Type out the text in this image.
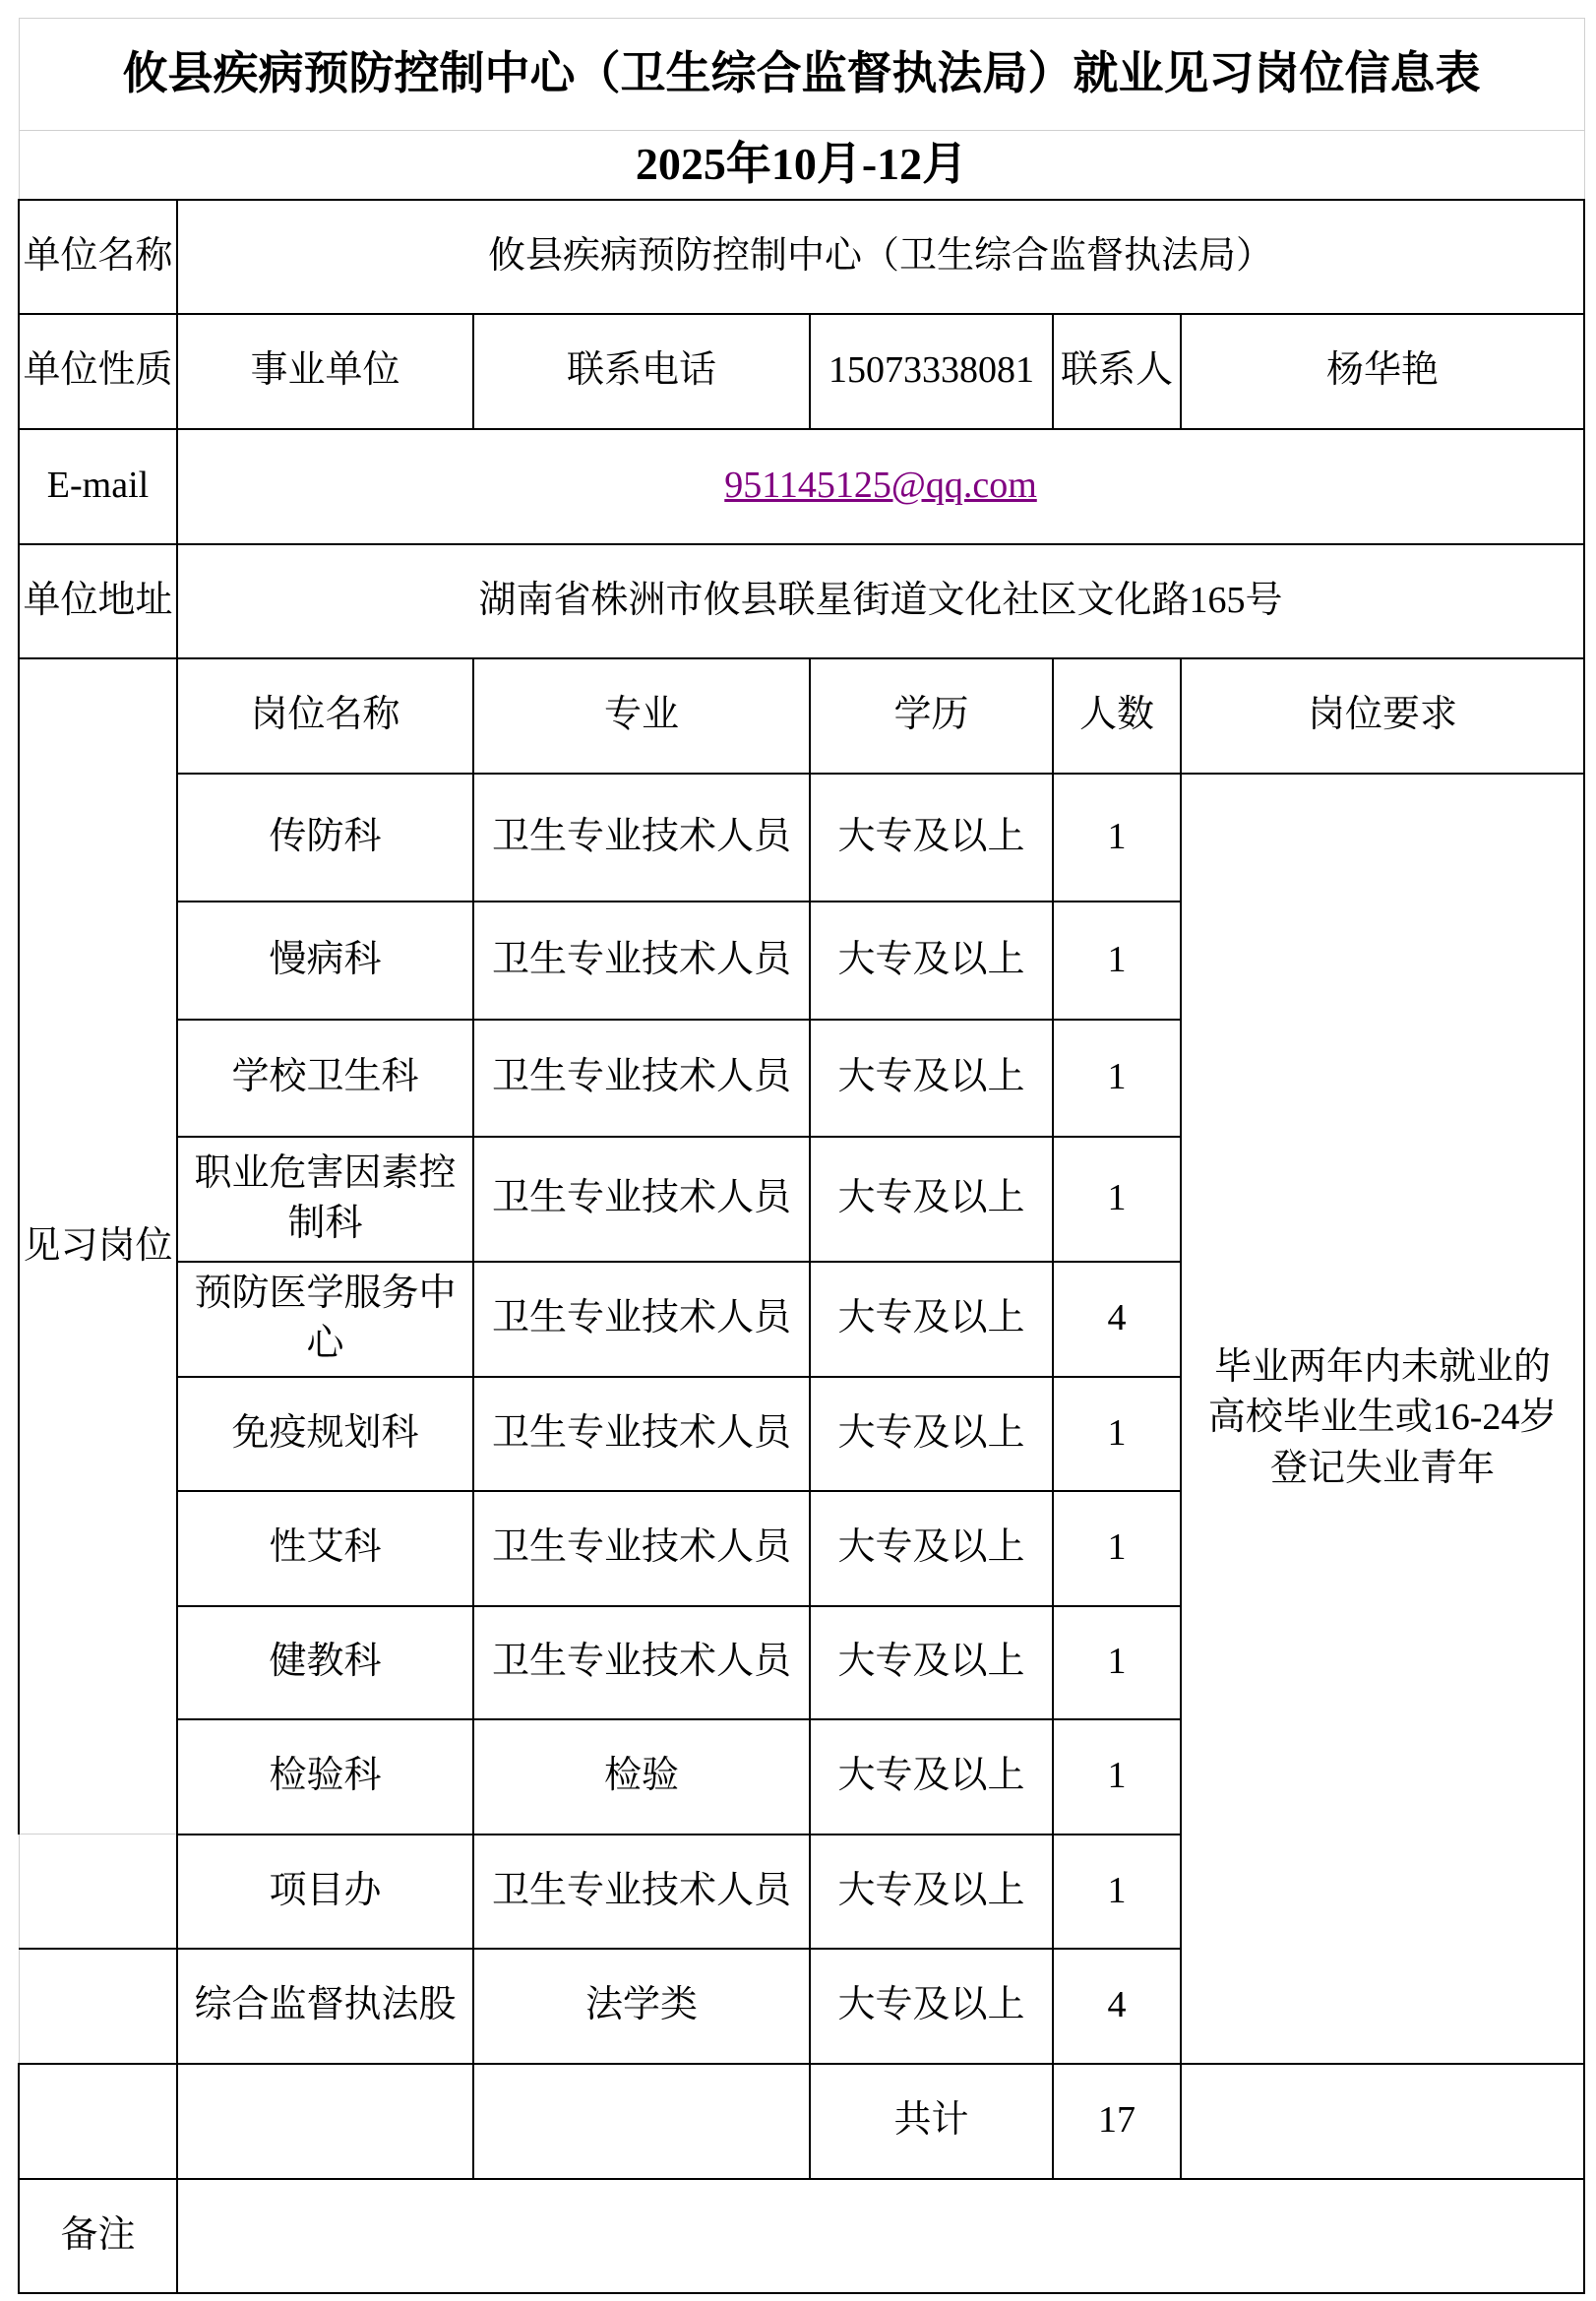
攸县疾病预防控制中心（卫生综合监督执法局）就业见习岗位信息表					
2025年10月-12月					
单位名称	攸县疾病预防控制中心（卫生综合监督执法局）				
单位性质	事业单位	联系电话	15073338081	联系人	杨华艳
E-mail	951145125@qq.com				
单位地址	湖南省株洲市攸县联星街道文化社区文化路165号				
见习岗位	岗位名称	专业	学历	人数	岗位要求
	传防科	卫生专业技术人员	大专及以上	1	毕业两年内未就业的高校毕业生或16-24岁登记失业青年
	慢病科	卫生专业技术人员	大专及以上	1	
	学校卫生科	卫生专业技术人员	大专及以上	1	
	职业危害因素控制科	卫生专业技术人员	大专及以上	1	
	预防医学服务中心	卫生专业技术人员	大专及以上	4	
	免疫规划科	卫生专业技术人员	大专及以上	1	
	性艾科	卫生专业技术人员	大专及以上	1	
	健教科	卫生专业技术人员	大专及以上	1	
	检验科	检验	大专及以上	1	
	项目办	卫生专业技术人员	大专及以上	1	
	综合监督执法股	法学类	大专及以上	4	
			共计	17	
备注					
